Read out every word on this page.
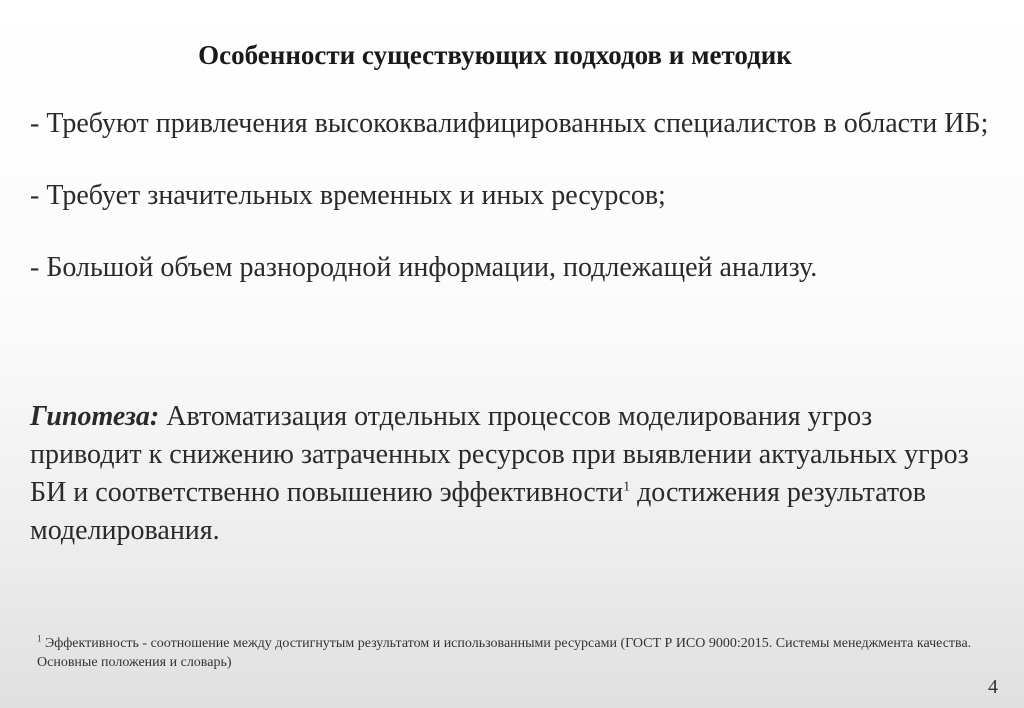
Особенности существующих подходов и методик

- Требуют привлечения высококвалифицированных специалистов в области ИБ;

- Требует значительных временных и иных ресурсов;

- Большой объем разнородной информации, подлежащей анализу.

Гипотеза: Автоматизация отдельных процессов моделирования угроз приводит к снижению затраченных ресурсов при выявлении актуальных угроз БИ и соответственно повышению эффективности$^1$ достижения результатов моделирования.
$^1$ Эффективность - соотношение между достигнутым результатом и использованными ресурсами (ГОСТ Р ИСО 9000:2015. Системы менеджмента качества. Основные положения и словарь)
4
